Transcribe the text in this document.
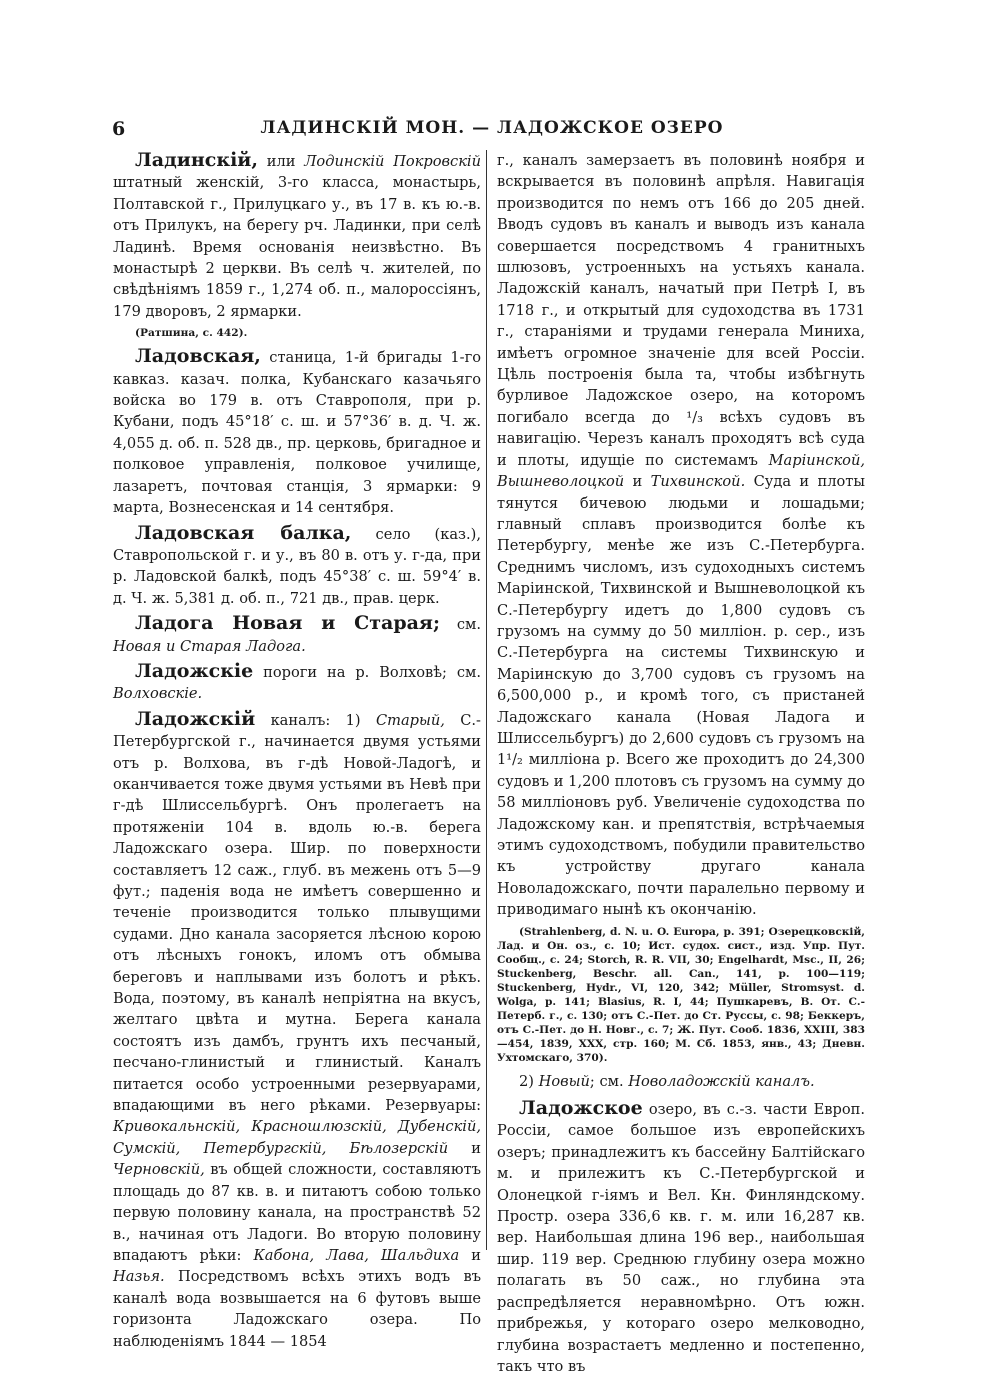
6	ЛАДИНСКІЙ МОН. — ЛАДОЖСКОЕ ОЗЕРО

Ладинскій, или Лодинскій Покровскій штатный женскій, 3-го класса, монастырь, Полтавской г., Прилуцкаго у., въ 17 в. къ ю.-в. отъ Прилукъ, на берегу рч. Ладинки, при селѣ Ладинѣ. Время основанія неизвѣстно. Въ монастырѣ 2 церкви. Въ селѣ ч. жителей, по свѣдѣніямъ 1859 г., 1,274 об. п., малороссіянъ, 179 дворовъ, 2 ярмарки.

(Ратшина, с. 442).

Ладовская, станица, 1-й бригады 1-го кавказ. казач. полка, Кубанскаго казачьяго войска во 179 в. отъ Ставрополя, при р. Кубани, подъ 45°18′ с. ш. и 57°36′ в. д. Ч. ж. 4,055 д. об. п. 528 дв., пр. церковь, бригадное и полковое управленія, полковое училище, лазаретъ, почтовая станція, 3 ярмарки: 9 марта, Вознесенская и 14 сентября.

Ладовская балка, село (каз.), Ставропольской г. и у., въ 80 в. отъ у. г-да, при р. Ладовской балкѣ, подъ 45°38′ с. ш. 59°4′ в. д. Ч. ж. 5,381 д. об. п., 721 дв., прав. церк.

Ладога Новая и Старая; см. Новая и Старая Ладога.

Ладожскіе пороги на р. Волховѣ; см. Волховскіе.

Ладожскій каналъ: 1) Старый, С.-Петербургской г., начинается двумя устьями отъ р. Волхова, въ г-дѣ Новой-Ладогѣ, и оканчивается тоже двумя устьями въ Невѣ при г-дѣ Шлиссельбургѣ. Онъ пролегаетъ на протяженіи 104 в. вдоль ю.-в. берега Ладожскаго озера. Шир. по поверхности составляетъ 12 саж., глуб. въ межень отъ 5—9 фут.; паденія вода не имѣетъ совершенно и теченіе производится только плывущими судами. Дно канала засоряется лѣсною корою отъ лѣсныхъ гонокъ, иломъ отъ обмыва береговъ и наплывами изъ болотъ и рѣкъ. Вода, поэтому, въ каналѣ непріятна на вкусъ, желтаго цвѣта и мутна. Берега канала состоятъ изъ дамбъ, грунтъ ихъ песчаный, песчано-глинистый и глинистый. Каналъ питается особо устроенными резервуарами, впадающими въ него рѣками. Резервуары: Кривокальнскій, Красношлюзскій, Дубенскій, Сумскій, Петербургскій, Бѣлозерскій и Черновскій, въ общей сложности, составляютъ площадь до 87 кв. в. и питаютъ собою только первую половину канала, на пространствѣ 52 в., начиная отъ Ладоги. Во вторую половину впадаютъ рѣки: Кабона, Лава, Шальдиха и Назья. Посредствомъ всѣхъ этихъ водъ въ каналѣ вода возвышается на 6 футовъ выше горизонта Ладожскаго озера. По наблюденіямъ 1844 — 1854

г., каналъ замерзаетъ въ половинѣ ноября и вскрывается въ половинѣ апрѣля. Навигація производится по немъ отъ 166 до 205 дней. Вводъ судовъ въ каналъ и выводъ изъ канала совершается посредствомъ 4 гранитныхъ шлюзовъ, устроенныхъ на устьяхъ канала. Ладожскій каналъ, начатый при Петрѣ I, въ 1718 г., и открытый для судоходства въ 1731 г., стараніями и трудами генерала Миниха, имѣетъ огромное значеніе для всей Россіи. Цѣль построенія была та, чтобы избѣгнуть бурливое Ладожское озеро, на которомъ погибало всегда до ¹/₃ всѣхъ судовъ въ навигацію. Черезъ каналъ проходятъ всѣ суда и плоты, идущіе по системамъ Маріинской, Вышневолоцкой и Тихвинской. Суда и плоты тянутся бичевою людьми и лошадьми; главный сплавъ производится болѣе къ Петербургу, менѣе же изъ С.-Петербурга. Среднимъ числомъ, изъ судоходныхъ системъ Маріинской, Тихвинской и Вышневолоцкой къ С.-Петербургу идетъ до 1,800 судовъ съ грузомъ на сумму до 50 милліон. р. сер., изъ С.-Петербурга на системы Тихвинскую и Маріинскую до 3,700 судовъ съ грузомъ на 6,500,000 р., и кромѣ того, съ пристаней Ладожскаго канала (Новая Ладога и Шлиссельбургъ) до 2,600 судовъ съ грузомъ на 1¹/₂ милліона р. Всего же проходитъ до 24,300 судовъ и 1,200 плотовъ съ грузомъ на сумму до 58 милліоновъ руб. Увеличеніе судоходства по Ладожскому кан. и препятствія, встрѣчаемыя этимъ судоходствомъ, побудили правительство къ устройству другаго канала Новоладожскаго, почти паралельно первому и приводимаго нынѣ къ окончанію.

(Strahlenberg, d. N. u. O. Europa, p. 391; Озерецковскій, Лад. и Он. оз., с. 10; Ист. судох. сист., изд. Упр. Пут. Сообщ., с. 24; Storch, R. R. VII, 30; Engelhardt, Msc., II, 26; Stuckenberg, Beschr. all. Can., 141, p. 100—119; Stuckenberg, Hydr., VI, 120, 342; Müller, Stromsyst. d. Wolga, p. 141; Blasius, R. I, 44; Пушкаревъ, В. От. С.-Петерб. г., с. 130; отъ С.-Пет. до Ст. Руссы, с. 98; Беккеръ, отъ С.-Пет. до Н. Новг., с. 7; Ж. Пут. Сооб. 1836, XXIII, 383—454, 1839, XXX, стр. 160; М. Сб. 1853, янв., 43; Дневн. Ухтомскаго, 370).

2) Новый; см. Новоладожскій каналъ.

Ладожское озеро, въ с.-з. части Европ. Россіи, самое большое изъ европейскихъ озеръ; принадлежитъ къ бассейну Балтійскаго м. и прилежитъ къ С.-Петербургской и Олонецкой г-іямъ и Вел. Кн. Финляндскому. Простр. озера 336,6 кв. г. м. или 16,287 кв. вер. Наибольшая длина 196 вер., наибольшая шир. 119 вер. Среднюю глубину озера можно полагать въ 50 саж., но глубина эта распредѣляется неравномѣрно. Отъ южн. прибрежья, у котораго озеро мелководно, глубина возрастаетъ медленно и постепенно, такъ что въ
